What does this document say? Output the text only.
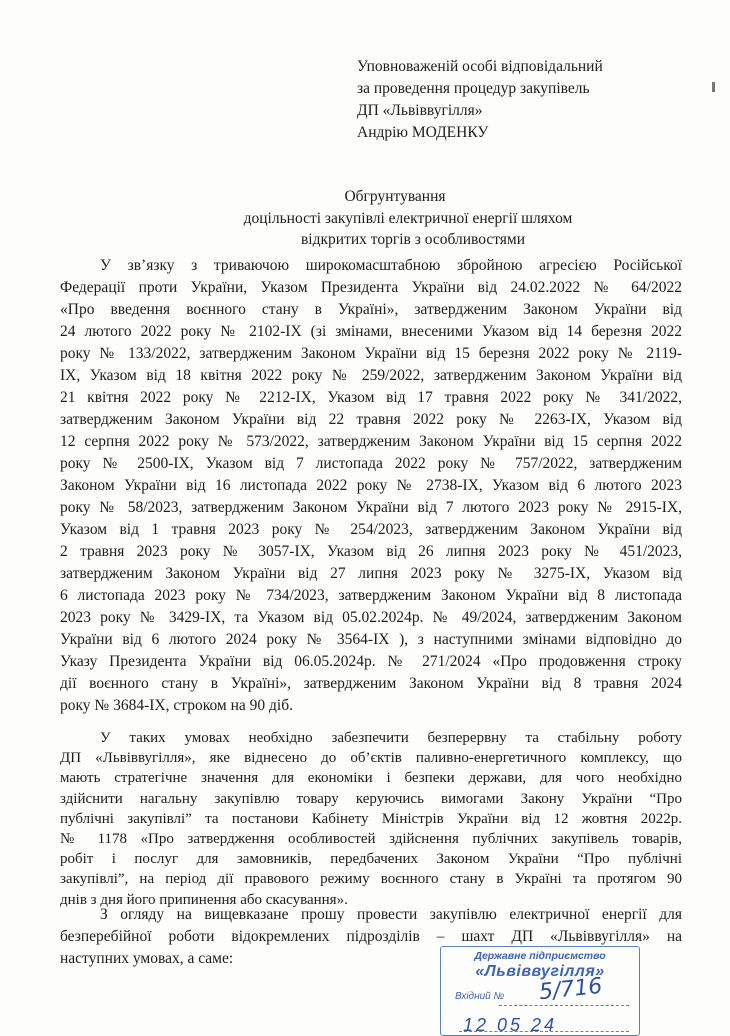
Уповноваженій особі відповідальний
за проведення процедур закупівель
ДП «Львіввугілля»
Андрію МОДЕНКУ
Обгрунтування
доцільності закупівлі електричної енергії шляхом
відкритих торгів з особливостями
У зв’язку з триваючою широкомасштабною збройною агресією Російської
Федерації проти України, Указом Президента України від 24.02.2022 № 64/2022
«Про введення воєнного стану в Україні», затвердженим Законом України від
24 лютого 2022 року № 2102-ІХ (зі змінами, внесеними Указом від 14 березня 2022
року № 133/2022, затвердженим Законом України від 15 березня 2022 року № 2119-
ІХ, Указом від 18 квітня 2022 року № 259/2022, затвердженим Законом України від
21 квітня 2022 року № 2212-ІХ, Указом від 17 травня 2022 року № 341/2022,
затвердженим Законом України від 22 травня 2022 року № 2263-ІХ, Указом від
12 серпня 2022 року № 573/2022, затвердженим Законом України від 15 серпня 2022
року № 2500-ІХ, Указом від 7 листопада 2022 року № 757/2022, затвердженим
Законом України від 16 листопада 2022 року № 2738-ІХ, Указом від 6 лютого 2023
року № 58/2023, затвердженим Законом України від 7 лютого 2023 року № 2915-ІХ,
Указом від 1 травня 2023 року № 254/2023, затвердженим Законом України від
2 травня 2023 року № 3057-ІХ, Указом від 26 липня 2023 року № 451/2023,
затвердженим Законом України від 27 липня 2023 року № 3275-ІХ, Указом від
6 листопада 2023 року № 734/2023, затвердженим Законом України від 8 листопада
2023 року № 3429-ІХ, та Указом від 05.02.2024р. № 49/2024, затвердженим Законом
України від 6 лютого 2024 року № 3564-ІХ ), з наступними змінами відповідно до
Указу Президента України від 06.05.2024р. № 271/2024 «Про продовження строку
дії воєнного стану в Україні», затвердженим Законом України від 8 травня 2024
року № 3684-ІХ, строком на 90 діб.
У таких умовах необхідно забезпечити безперервну та стабільну роботу
ДП «Львіввугілля», яке віднесено до об’єктів паливно-енергетичного комплексу, що
мають стратегічне значення для економіки і безпеки держави, для чого необхідно
здійснити нагальну закупівлю товару керуючись вимогами Закону України “Про
публічні закупівлі” та постанови Кабінету Міністрів України від 12 жовтня 2022р.
№ 1178 «Про затвердження особливостей здійснення публічних закупівель товарів,
робіт і послуг для замовників, передбачених Законом України “Про публічні
закупівлі”, на період дії правового режиму воєнного стану в Україні та протягом 90
днів з дня його припинення або скасування».
З огляду на вищевказане прошу провести закупівлю електричної енергії для
безперебійної роботи відокремлених підрозділів – шахт ДП «Львіввугілля» на
наступних умовах, а саме:	Державне підприємство
«Львіввугілля»
Вхідний № 5/716
12 05 24
